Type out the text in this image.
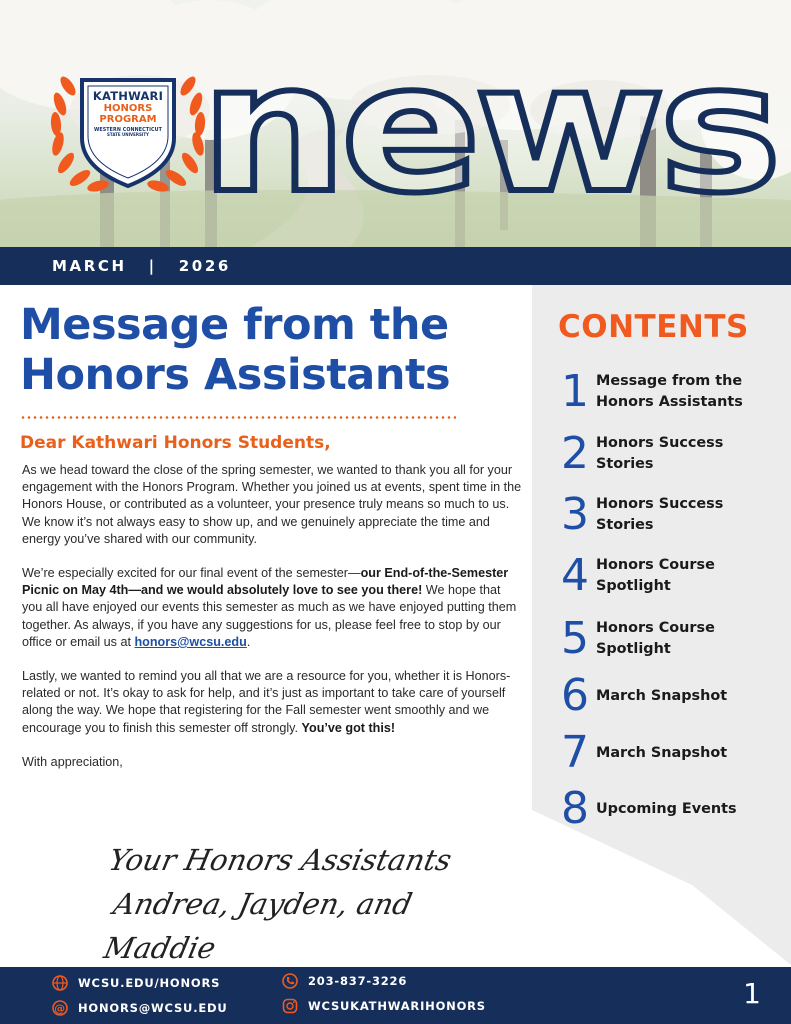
KATHWARI
HONORS
PROGRAM
WESTERN CONNECTICUT
STATE UNIVERSITY news
MARCH | 2026
Message from the
Honors Assistants
Dear Kathwari Honors Students,

As we head toward the close of the spring semester, we wanted to thank you all for your engagement with the Honors Program. Whether you joined us at events, spent time in the Honors House, or contributed as a volunteer, your presence truly means so much to us. We know it’s not always easy to show up, and we genuinely appreciate the time and energy you’ve shared with our community.

We’re especially excited for our final event of the semester—our End-of-the-Semester Picnic on May 4th—and we would absolutely love to see you there! We hope that you all have enjoyed our events this semester as much as we have enjoyed putting them together. As always, if you have any suggestions for us, please feel free to stop by our office or email us at honors@wcsu.edu.

Lastly, we wanted to remind you all that we are a resource for you, whether it is Honors-related or not. It’s okay to ask for help, and it’s just as important to take care of yourself along the way. We hope that registering for the Fall semester went smoothly and we encourage you to finish this semester off strongly. You’ve got this!

With appreciation,

Your Honors Assistants
Andrea, Jayden, and Maddie
CONTENTS
1 Message from the
Honors Assistants
2 Honors Success
Stories
3 Honors Success
Stories
4 Honors Course
Spotlight
5 Honors Course
Spotlight
6 March Snapshot
7 March Snapshot
8 Upcoming Events
WCSU.EDU/HONORS
@ HONORS@WCSU.EDU
203-837-3226
WCSUKATHWARIHONORS	1
